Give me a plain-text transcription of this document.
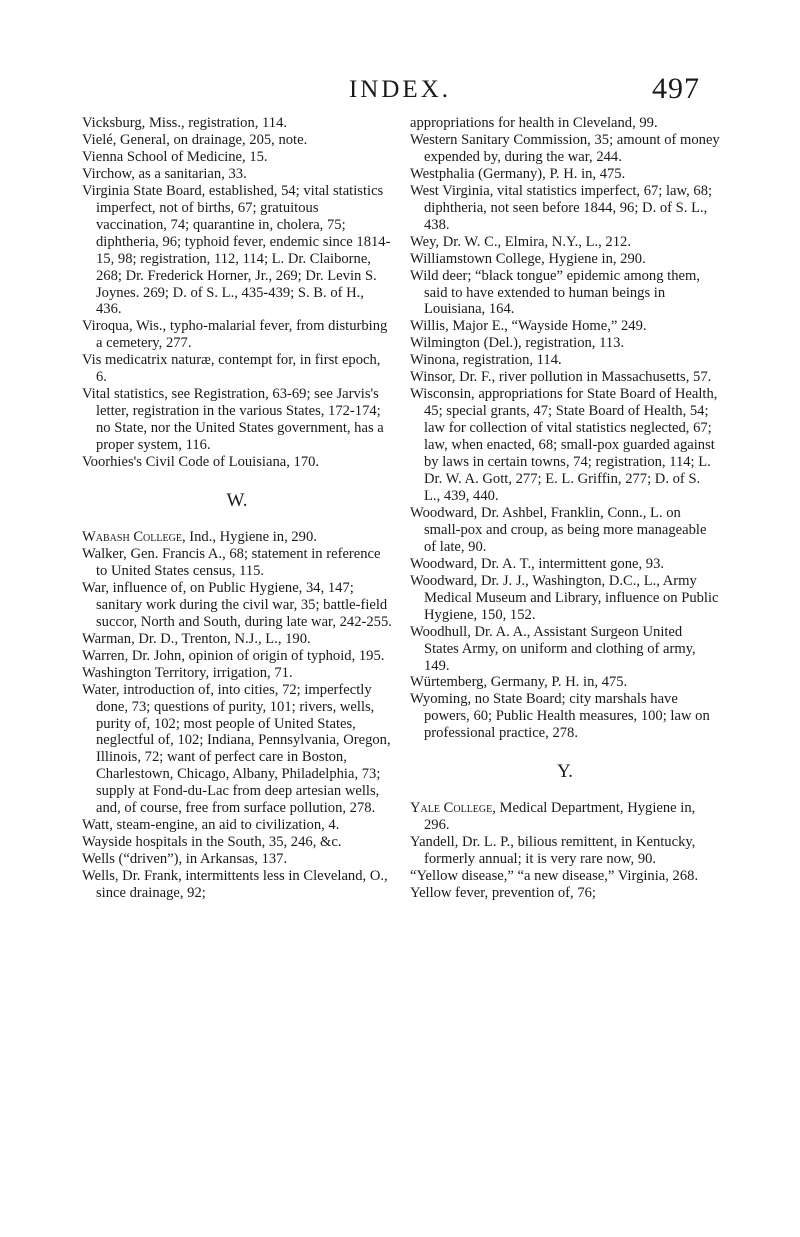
INDEX.	497

Vicksburg, Miss., registration, 114.

Vielé, General, on drainage, 205, note.

Vienna School of Medicine, 15.

Virchow, as a sanitarian, 33.

Virginia State Board, established, 54; vital statistics imperfect, not of births, 67; gratuitous vaccination, 74; quarantine in, cholera, 75; diphtheria, 96; typhoid fever, endemic since 1814-15, 98; registration, 112, 114; L. Dr. Claiborne, 268; Dr. Frederick Horner, Jr., 269; Dr. Levin S. Joynes. 269; D. of S. L., 435-439; S. B. of H., 436.

Viroqua, Wis., typho-malarial fever, from disturbing a cemetery, 277.

Vis medicatrix naturæ, contempt for, in first epoch, 6.

Vital statistics, see Registration, 63-69; see Jarvis's letter, registration in the various States, 172-174; no State, nor the United States government, has a proper system, 116.

Voorhies's Civil Code of Louisiana, 170.

W.

Wabash College, Ind., Hygiene in, 290.

Walker, Gen. Francis A., 68; statement in reference to United States census, 115.

War, influence of, on Public Hygiene, 34, 147; sanitary work during the civil war, 35; battle-field succor, North and South, during late war, 242-255.

Warman, Dr. D., Trenton, N.J., L., 190.

Warren, Dr. John, opinion of origin of typhoid, 195.

Washington Territory, irrigation, 71.

Water, introduction of, into cities, 72; imperfectly done, 73; questions of purity, 101; rivers, wells, purity of, 102; most people of United States, neglectful of, 102; Indiana, Pennsylvania, Oregon, Illinois, 72; want of perfect care in Boston, Charlestown, Chicago, Albany, Philadelphia, 73; supply at Fond-du-Lac from deep artesian wells, and, of course, free from surface pollution, 278.

Watt, steam-engine, an aid to civilization, 4.

Wayside hospitals in the South, 35, 246, &c.

Wells (“driven”), in Arkansas, 137.

Wells, Dr. Frank, intermittents less in Cleveland, O., since drainage, 92;

appropriations for health in Cleveland, 99.

Western Sanitary Commission, 35; amount of money expended by, during the war, 244.

Westphalia (Germany), P. H. in, 475.

West Virginia, vital statistics imperfect, 67; law, 68; diphtheria, not seen before 1844, 96; D. of S. L., 438.

Wey, Dr. W. C., Elmira, N.Y., L., 212.

Williamstown College, Hygiene in, 290.

Wild deer; “black tongue” epidemic among them, said to have extended to human beings in Louisiana, 164.

Willis, Major E., “Wayside Home,” 249.

Wilmington (Del.), registration, 113.

Winona, registration, 114.

Winsor, Dr. F., river pollution in Massachusetts, 57.

Wisconsin, appropriations for State Board of Health, 45; special grants, 47; State Board of Health, 54; law for collection of vital statistics neglected, 67; law, when enacted, 68; small-pox guarded against by laws in certain towns, 74; registration, 114; L. Dr. W. A. Gott, 277; E. L. Griffin, 277; D. of S. L., 439, 440.

Woodward, Dr. Ashbel, Franklin, Conn., L. on small-pox and croup, as being more manageable of late, 90.

Woodward, Dr. A. T., intermittent gone, 93.

Woodward, Dr. J. J., Washington, D.C., L., Army Medical Museum and Library, influence on Public Hygiene, 150, 152.

Woodhull, Dr. A. A., Assistant Surgeon United States Army, on uniform and clothing of army, 149.

Würtemberg, Germany, P. H. in, 475.

Wyoming, no State Board; city marshals have powers, 60; Public Health measures, 100; law on professional practice, 278.

Y.

Yale College, Medical Department, Hygiene in, 296.

Yandell, Dr. L. P., bilious remittent, in Kentucky, formerly annual; it is very rare now, 90.

“Yellow disease,” “a new disease,” Virginia, 268.

Yellow fever, prevention of, 76;
